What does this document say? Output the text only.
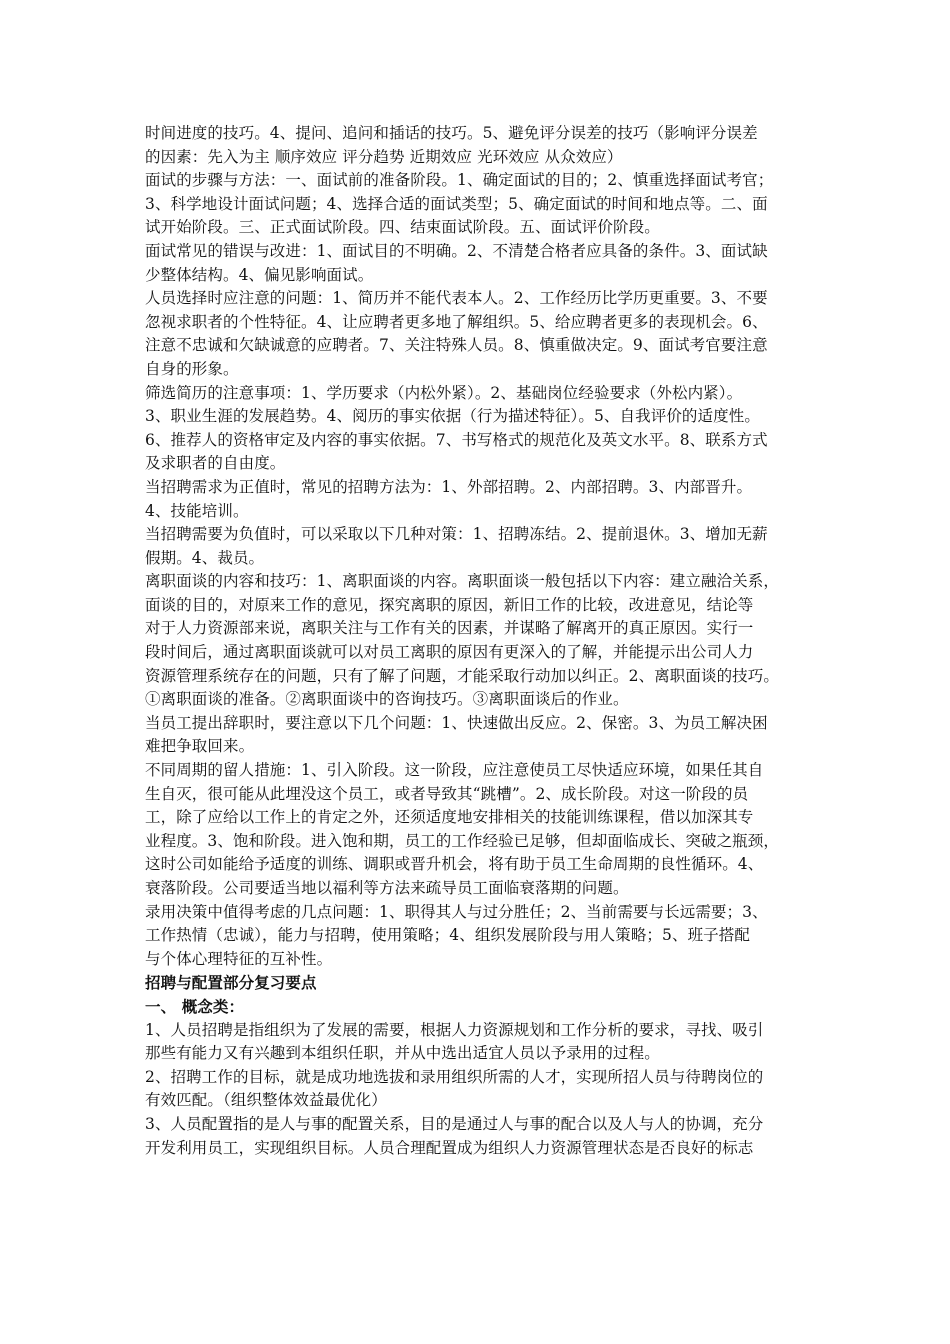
时间进度的技巧。4、提问、追问和插话的技巧。5、避免评分误差的技巧（影响评分误差
的因素：先入为主 顺序效应 评分趋势 近期效应 光环效应 从众效应）
面试的步骤与方法：一、面试前的准备阶段。1、确定面试的目的；2、慎重选择面试考官；
3、科学地设计面试问题；4、选择合适的面试类型；5、确定面试的时间和地点等。二、面
试开始阶段。三、正式面试阶段。四、结束面试阶段。五、面试评价阶段。
面试常见的错误与改进：1、面试目的不明确。2、不清楚合格者应具备的条件。3、面试缺
少整体结构。4、偏见影响面试。
人员选择时应注意的问题：1、简历并不能代表本人。2、工作经历比学历更重要。3、不要
忽视求职者的个性特征。4、让应聘者更多地了解组织。5、给应聘者更多的表现机会。6、
注意不忠诚和欠缺诚意的应聘者。7、关注特殊人员。8、慎重做决定。9、面试考官要注意
自身的形象。
筛选简历的注意事项：1、学历要求（内松外紧）。2、基础岗位经验要求（外松内紧）。
3、职业生涯的发展趋势。4、阅历的事实依据（行为描述特征）。5、自我评价的适度性。
6、推荐人的资格审定及内容的事实依据。7、书写格式的规范化及英文水平。8、联系方式
及求职者的自由度。
当招聘需求为正值时，常见的招聘方法为：1、外部招聘。2、内部招聘。3、内部晋升。
4、技能培训。
当招聘需要为负值时，可以采取以下几种对策：1、招聘冻结。2、提前退休。3、增加无薪
假期。4、裁员。
离职面谈的内容和技巧：1、离职面谈的内容。离职面谈一般包括以下内容：建立融洽关系，
面谈的目的，对原来工作的意见，探究离职的原因，新旧工作的比较，改进意见，结论等
对于人力资源部来说，离职关注与工作有关的因素，并谋略了解离开的真正原因。实行一
段时间后，通过离职面谈就可以对员工离职的原因有更深入的了解，并能提示出公司人力
资源管理系统存在的问题，只有了解了问题，才能采取行动加以纠正。2、离职面谈的技巧。
①离职面谈的准备。②离职面谈中的咨询技巧。③离职面谈后的作业。
当员工提出辞职时，要注意以下几个问题：1、快速做出反应。2、保密。3、为员工解决困
难把争取回来。
不同周期的留人措施：1、引入阶段。这一阶段，应注意使员工尽快适应环境，如果任其自
生自灭，很可能从此埋没这个员工，或者导致其“跳槽”。2、成长阶段。对这一阶段的员
工，除了应给以工作上的肯定之外，还须适度地安排相关的技能训练课程，借以加深其专
业程度。3、饱和阶段。进入饱和期，员工的工作经验已足够，但却面临成长、突破之瓶颈，
这时公司如能给予适度的训练、调职或晋升机会，将有助于员工生命周期的良性循环。4、
衰落阶段。公司要适当地以福利等方法来疏导员工面临衰落期的问题。
录用决策中值得考虑的几点问题：1、职得其人与过分胜任；2、当前需要与长远需要；3、
工作热情（忠诚），能力与招聘，使用策略；4、组织发展阶段与用人策略；5、班子搭配
与个体心理特征的互补性。
招聘与配置部分复习要点
一、 概念类：
1、人员招聘是指组织为了发展的需要，根据人力资源规划和工作分析的要求，寻找、吸引
那些有能力又有兴趣到本组织任职，并从中选出适宜人员以予录用的过程。
2、招聘工作的目标，就是成功地选拔和录用组织所需的人才，实现所招人员与待聘岗位的
有效匹配。（组织整体效益最优化）
3、人员配置指的是人与事的配置关系，目的是通过人与事的配合以及人与人的协调，充分
开发利用员工，实现组织目标。人员合理配置成为组织人力资源管理状态是否良好的标志
